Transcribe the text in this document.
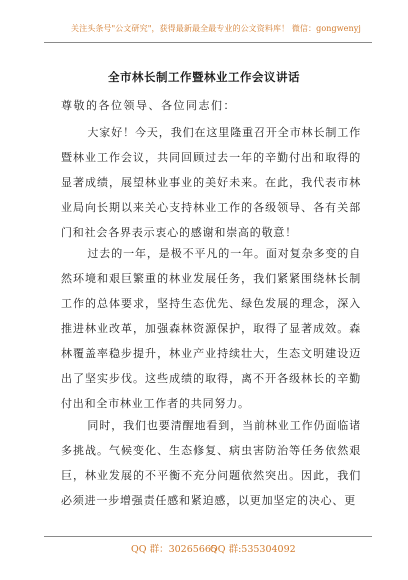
关注头条号"公文研究"，获得最新最全最专业的公文资料库！ 微信：gongwenyj
全市林长制工作暨林业工作会议讲话
尊敬的各位领导、各位同志们：

大家好！今天，我们在这里隆重召开全市林长制工作暨林业工作会议，共同回顾过去一年的辛勤付出和取得的显著成绩，展望林业事业的美好未来。在此，我代表市林业局向长期以来关心支持林业工作的各级领导、各有关部门和社会各界表示衷心的感谢和崇高的敬意！

过去的一年，是极不平凡的一年。面对复杂多变的自然环境和艰巨繁重的林业发展任务，我们紧紧围绕林长制工作的总体要求，坚持生态优先、绿色发展的理念，深入推进林业改革，加强森林资源保护，取得了显著成效。森林覆盖率稳步提升，林业产业持续壮大，生态文明建设迈出了坚实步伐。这些成绩的取得，离不开各级林长的辛勤付出和全市林业工作者的共同努力。

同时，我们也要清醒地看到，当前林业工作仍面临诸多挑战。气候变化、生态修复、病虫害防治等任务依然艰巨，林业发展的不平衡不充分问题依然突出。因此，我们必须进一步增强责任感和紧迫感，以更加坚定的决心、更

QQ 群：30265665
QQ 群:535304092
